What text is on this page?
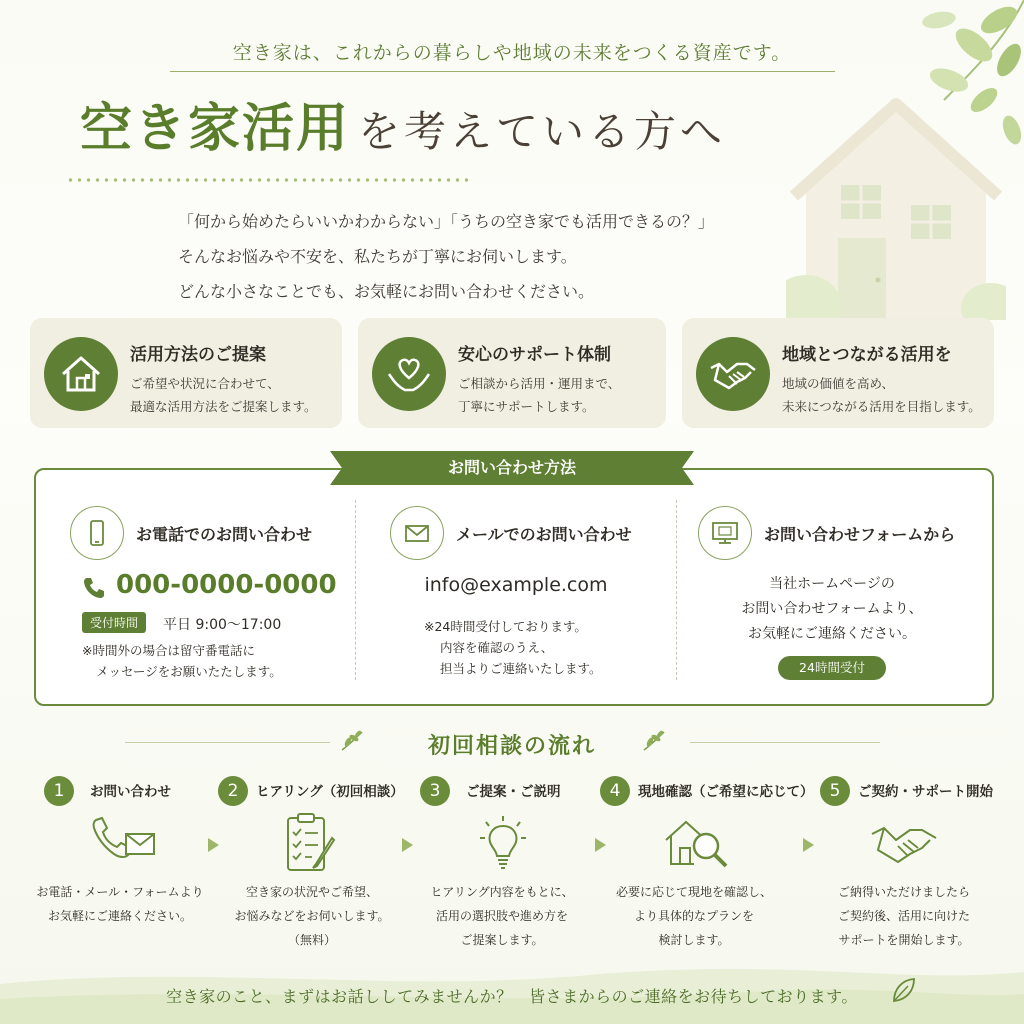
空き家は、これからの暮らしや地域の未来をつくる資産です。
空き家活用 を考えている方へ
「何から始めたらいいかわからない」「うちの空き家でも活用できるの？」
そんなお悩みや不安を、私たちが丁寧にお伺いします。
どんな小さなことでも、お気軽にお問い合わせください。
活用方法のご提案
ご希望や状況に合わせて、
最適な活用方法をご提案します。
安心のサポート体制
ご相談から活用・運用まで、
丁寧にサポートします。
地域とつながる活用を
地域の価値を高め、
未来につながる活用を目指します。
お問い合わせ方法
お電話でのお問い合わせ
000-0000-0000
受付時間	平日 9:00〜17:00
※時間外の場合は留守番電話に
メッセージをお願いたたします。
メールでのお問い合わせ
info@example.com
※24時間受付しております。
内容を確認のうえ、
担当よりご連絡いたします。
お問い合わせフォームから
当社ホームページの
お問い合わせフォームより、
お気軽にご連絡ください。
24時間受付
初回相談の流れ
1	お問い合わせ
お電話・メール・フォームより
お気軽にご連絡ください。
2	ヒアリング（初回相談）
空き家の状況やご希望、
お悩みなどをお伺いします。
（無料）
3	ご提案・ご説明
ヒアリング内容をもとに、
活用の選択肢や進め方を
ご提案します。
4	現地確認（ご希望に応じて）
必要に応じて現地を確認し、
より具体的なプランを
検討します。
5	ご契約・サポート開始
ご納得いただけましたら
ご契約後、活用に向けた
サポートを開始します。
空き家のこと、まずはお話ししてみませんか？　皆さまからのご連絡をお待ちしております。
